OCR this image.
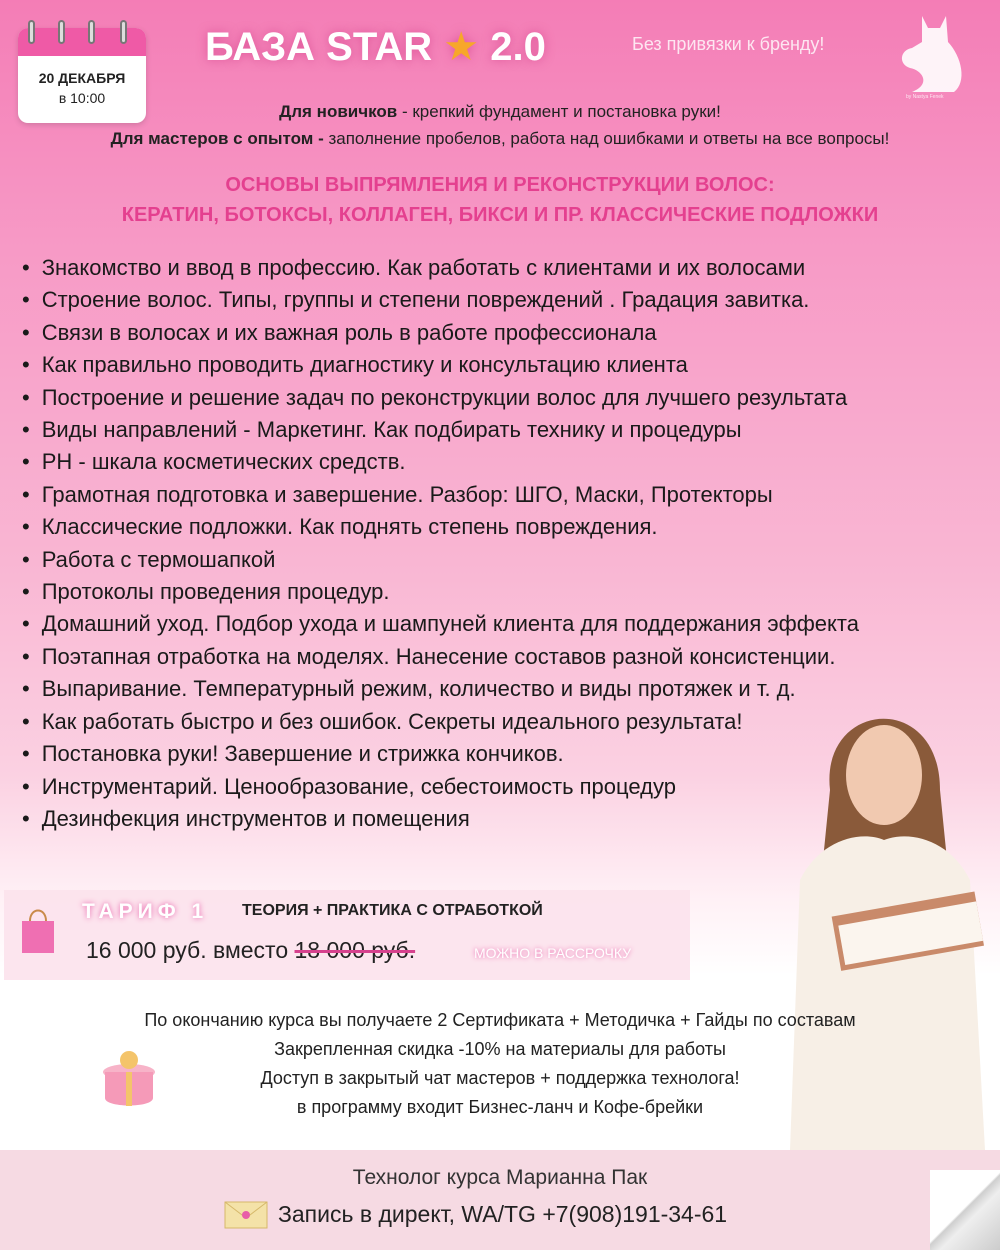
20 ДЕКАБРЯ
в 10:00
БАЗА STAR ★ 2.0	Без привязки к бренду!
by Nastya Fenek
Для новичков - крепкий фундамент и постановка руки!
Для мастеров с опытом - заполнение пробелов, работа над ошибками и ответы на все вопросы!
ОСНОВЫ ВЫПРЯМЛЕНИЯ И РЕКОНСТРУКЦИИ ВОЛОС:
КЕРАТИН, БОТОКСЫ, КОЛЛАГЕН, БИКСИ И ПР. КЛАССИЧЕСКИЕ ПОДЛОЖКИ
• Знакомство и ввод в профессию. Как работать с клиентами и их волосами
• Строение волос. Типы, группы и степени повреждений . Градация завитка.
• Связи в волосах и их важная роль в работе профессионала
• Как правильно проводить диагностику и консультацию клиента
• Построение и решение задач по реконструкции волос для лучшего результата
• Виды направлений - Маркетинг. Как подбирать технику и процедуры
• PH - шкала косметических средств.
• Грамотная подготовка и завершение. Разбор: ШГО, Маски, Протекторы
• Классические подложки. Как поднять степень повреждения.
• Работа с термошапкой
• Протоколы проведения процедур.
• Домашний уход. Подбор ухода и шампуней клиента для поддержания эффекта
• Поэтапная отработка на моделях. Нанесение составов разной консистенции.
• Выпаривание. Температурный режим, количество и виды протяжек и т. д.
• Как работать быстро и без ошибок. Секреты идеального результата!
• Постановка руки! Завершение и стрижка кончиков.
• Инструментарий. Ценообразование, себестоимость процедур
• Дезинфекция инструментов и помещения
ТАРИФ 1 ТЕОРИЯ + ПРАКТИКА С ОТРАБОТКОЙ
16 000 руб. вместо 18 000 руб.	МОЖНО В РАССРОЧКУ
По окончанию курса вы получаете 2 Сертификата + Методичка + Гайды по составам
Закрепленная скидка -10% на материалы для работы
Доступ в закрытый чат мастеров + поддержка технолога!
в программу входит Бизнес-ланч и Кофе-брейки
Технолог курса Марианна Пак
Запись в директ, WA/TG +7(908)191-34-61
